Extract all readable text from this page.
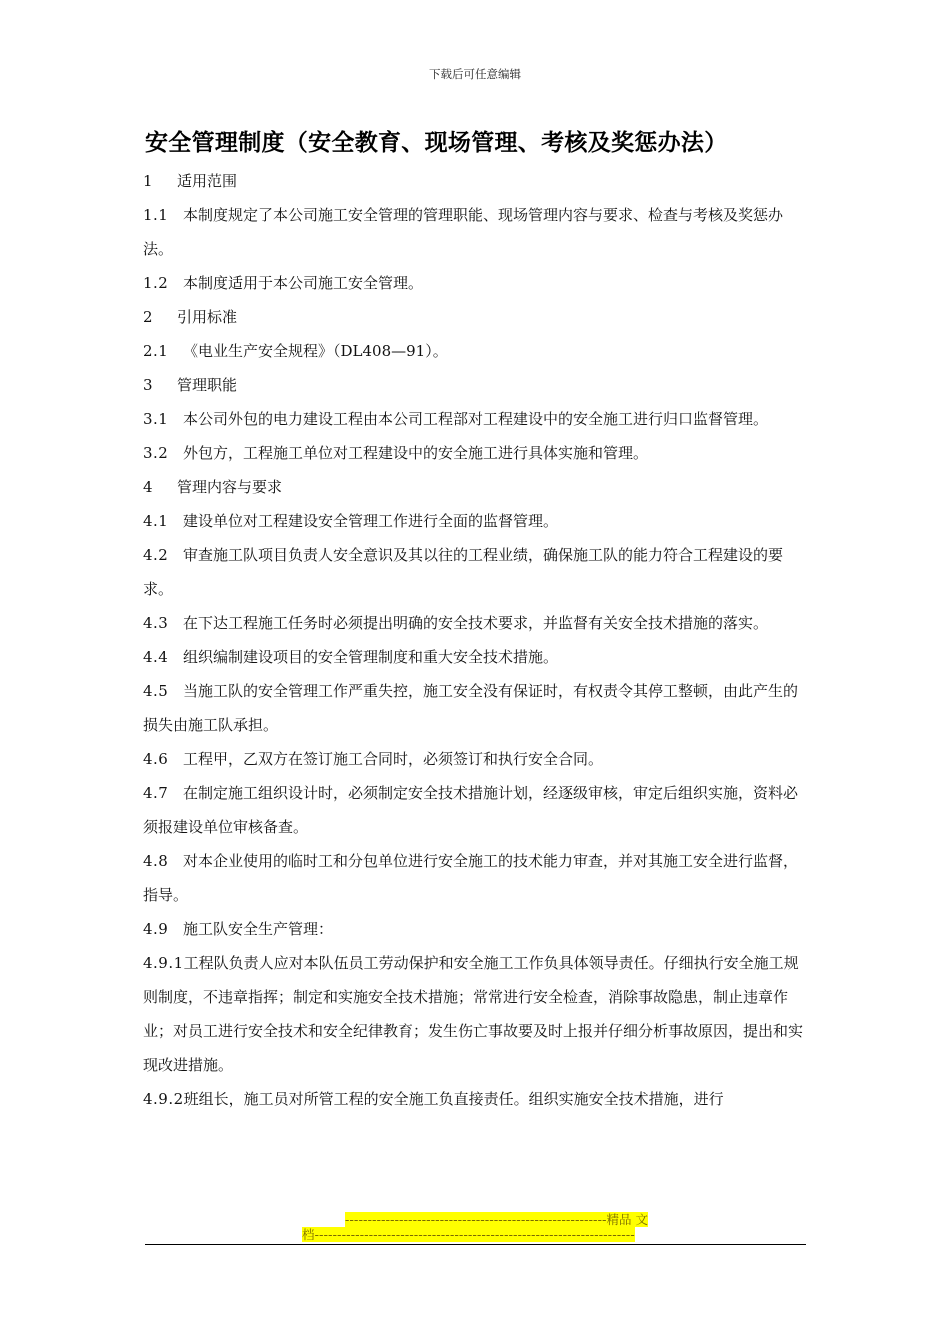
下载后可任意编辑
安全管理制度（安全教育、现场管理、考核及奖惩办法）

1 适用范围

1.1 本制度规定了本公司施工安全管理的管理职能、现场管理内容与要求、检查与考核及奖惩办法。

1.2 本制度适用于本公司施工安全管理。

2 引用标准

2.1 《电业生产安全规程》（DL408—91）。

3 管理职能

3.1 本公司外包的电力建设工程由本公司工程部对工程建设中的安全施工进行归口监督管理。

3.2 外包方，工程施工单位对工程建设中的安全施工进行具体实施和管理。

4 管理内容与要求

4.1 建设单位对工程建设安全管理工作进行全面的监督管理。

4.2 审查施工队项目负责人安全意识及其以往的工程业绩，确保施工队的能力符合工程建设的要求。

4.3 在下达工程施工任务时必须提出明确的安全技术要求，并监督有关安全技术措施的落实。

4.4 组织编制建设项目的安全管理制度和重大安全技术措施。

4.5 当施工队的安全管理工作严重失控，施工安全没有保证时，有权责令其停工整顿，由此产生的损失由施工队承担。

4.6 工程甲，乙双方在签订施工合同时，必须签订和执行安全合同。

4.7 在制定施工组织设计时，必须制定安全技术措施计划，经逐级审核，审定后组织实施，资料必须报建设单位审核备查。

4.8 对本企业使用的临时工和分包单位进行安全施工的技术能力审查，并对其施工安全进行监督，指导。

4.9 施工队安全生产管理：

4.9.1工程队负责人应对本队伍员工劳动保护和安全施工工作负具体领导责任。仔细执行安全施工规则制度，不违章指挥；制定和实施安全技术措施；常常进行安全检查，消除事故隐患，制止违章作业；对员工进行安全技术和安全纪律教育；发生伤亡事故要及时上报并仔细分析事故原因，提出和实现改进措施。

4.9.2班组长，施工员对所管工程的安全施工负直接责任。组织实施安全技术措施，进行

----------------------------------------------------------精品 文
档-----------------------------------------------------------------------
